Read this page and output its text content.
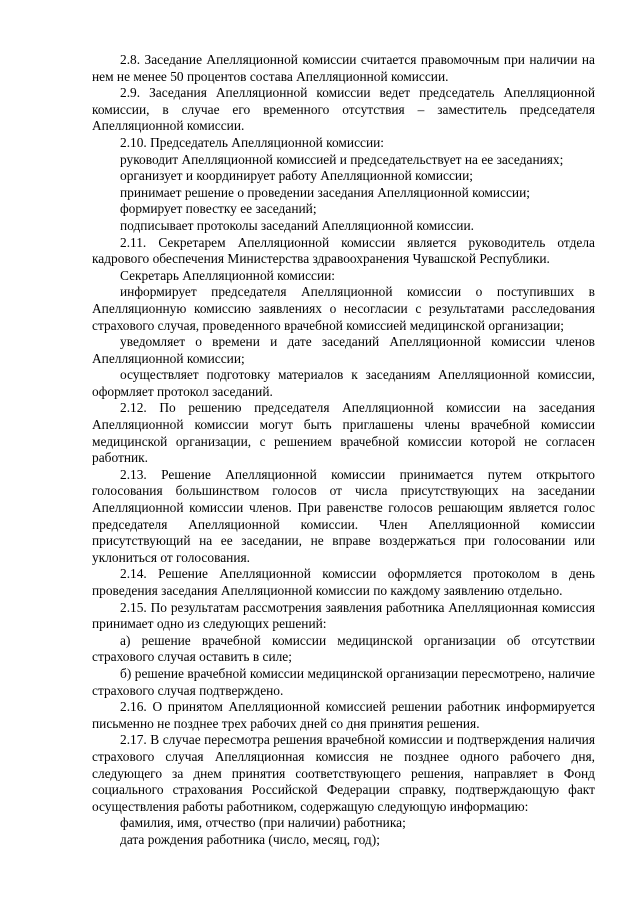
2.8. Заседание Апелляционной комиссии считается правомочным при наличии на нем не менее 50 процентов состава Апелляционной комиссии.

2.9. Заседания Апелляционной комиссии ведет председатель Апелляционной комиссии, в случае его временного отсутствия – заместитель председателя Апелляционной комиссии.

2.10. Председатель Апелляционной комиссии:

руководит Апелляционной комиссией и председательствует на ее заседаниях;

организует и координирует работу Апелляционной комиссии;

принимает решение о проведении заседания Апелляционной комиссии;

формирует повестку ее заседаний;

подписывает протоколы заседаний Апелляционной комиссии.

2.11. Секретарем Апелляционной комиссии является руководитель отдела кадрового обеспечения Министерства здравоохранения Чувашской Республики.

Секретарь Апелляционной комиссии:

информирует председателя Апелляционной комиссии о поступивших в Апелляционную комиссию заявлениях о несогласии с результатами расследования страхового случая, проведенного врачебной комиссией медицинской организации;

уведомляет о времени и дате заседаний Апелляционной комиссии членов Апелляционной комиссии;

осуществляет подготовку материалов к заседаниям Апелляционной комиссии, оформляет протокол заседаний.

2.12. По решению председателя Апелляционной комиссии на заседания Апелляционной комиссии могут быть приглашены члены врачебной комиссии медицинской организации, с решением врачебной комиссии которой не согласен работник.

2.13. Решение Апелляционной комиссии принимается путем открытого голосования большинством голосов от числа присутствующих на заседании Апелляционной комиссии членов. При равенстве голосов решающим является голос председателя Апелляционной комиссии. Член Апелляционной комиссии присутствующий на ее заседании, не вправе воздержаться при голосовании или уклониться от голосования.

2.14. Решение Апелляционной комиссии оформляется протоколом в день проведения заседания Апелляционной комиссии по каждому заявлению отдельно.

2.15. По результатам рассмотрения заявления работника Апелляционная комиссия принимает одно из следующих решений:

а) решение врачебной комиссии медицинской организации об отсутствии страхового случая оставить в силе;

б) решение врачебной комиссии медицинской организации пересмотрено, наличие страхового случая подтверждено.

2.16. О принятом Апелляционной комиссией решении работник информируется письменно не позднее трех рабочих дней со дня принятия решения.

2.17. В случае пересмотра решения врачебной комиссии и подтверждения наличия страхового случая Апелляционная комиссия не позднее одного рабочего дня, следующего за днем принятия соответствующего решения, направляет в Фонд социального страхования Российской Федерации справку, подтверждающую факт осуществления работы работником, содержащую следующую информацию:

фамилия, имя, отчество (при наличии) работника;

дата рождения работника (число, месяц, год);
